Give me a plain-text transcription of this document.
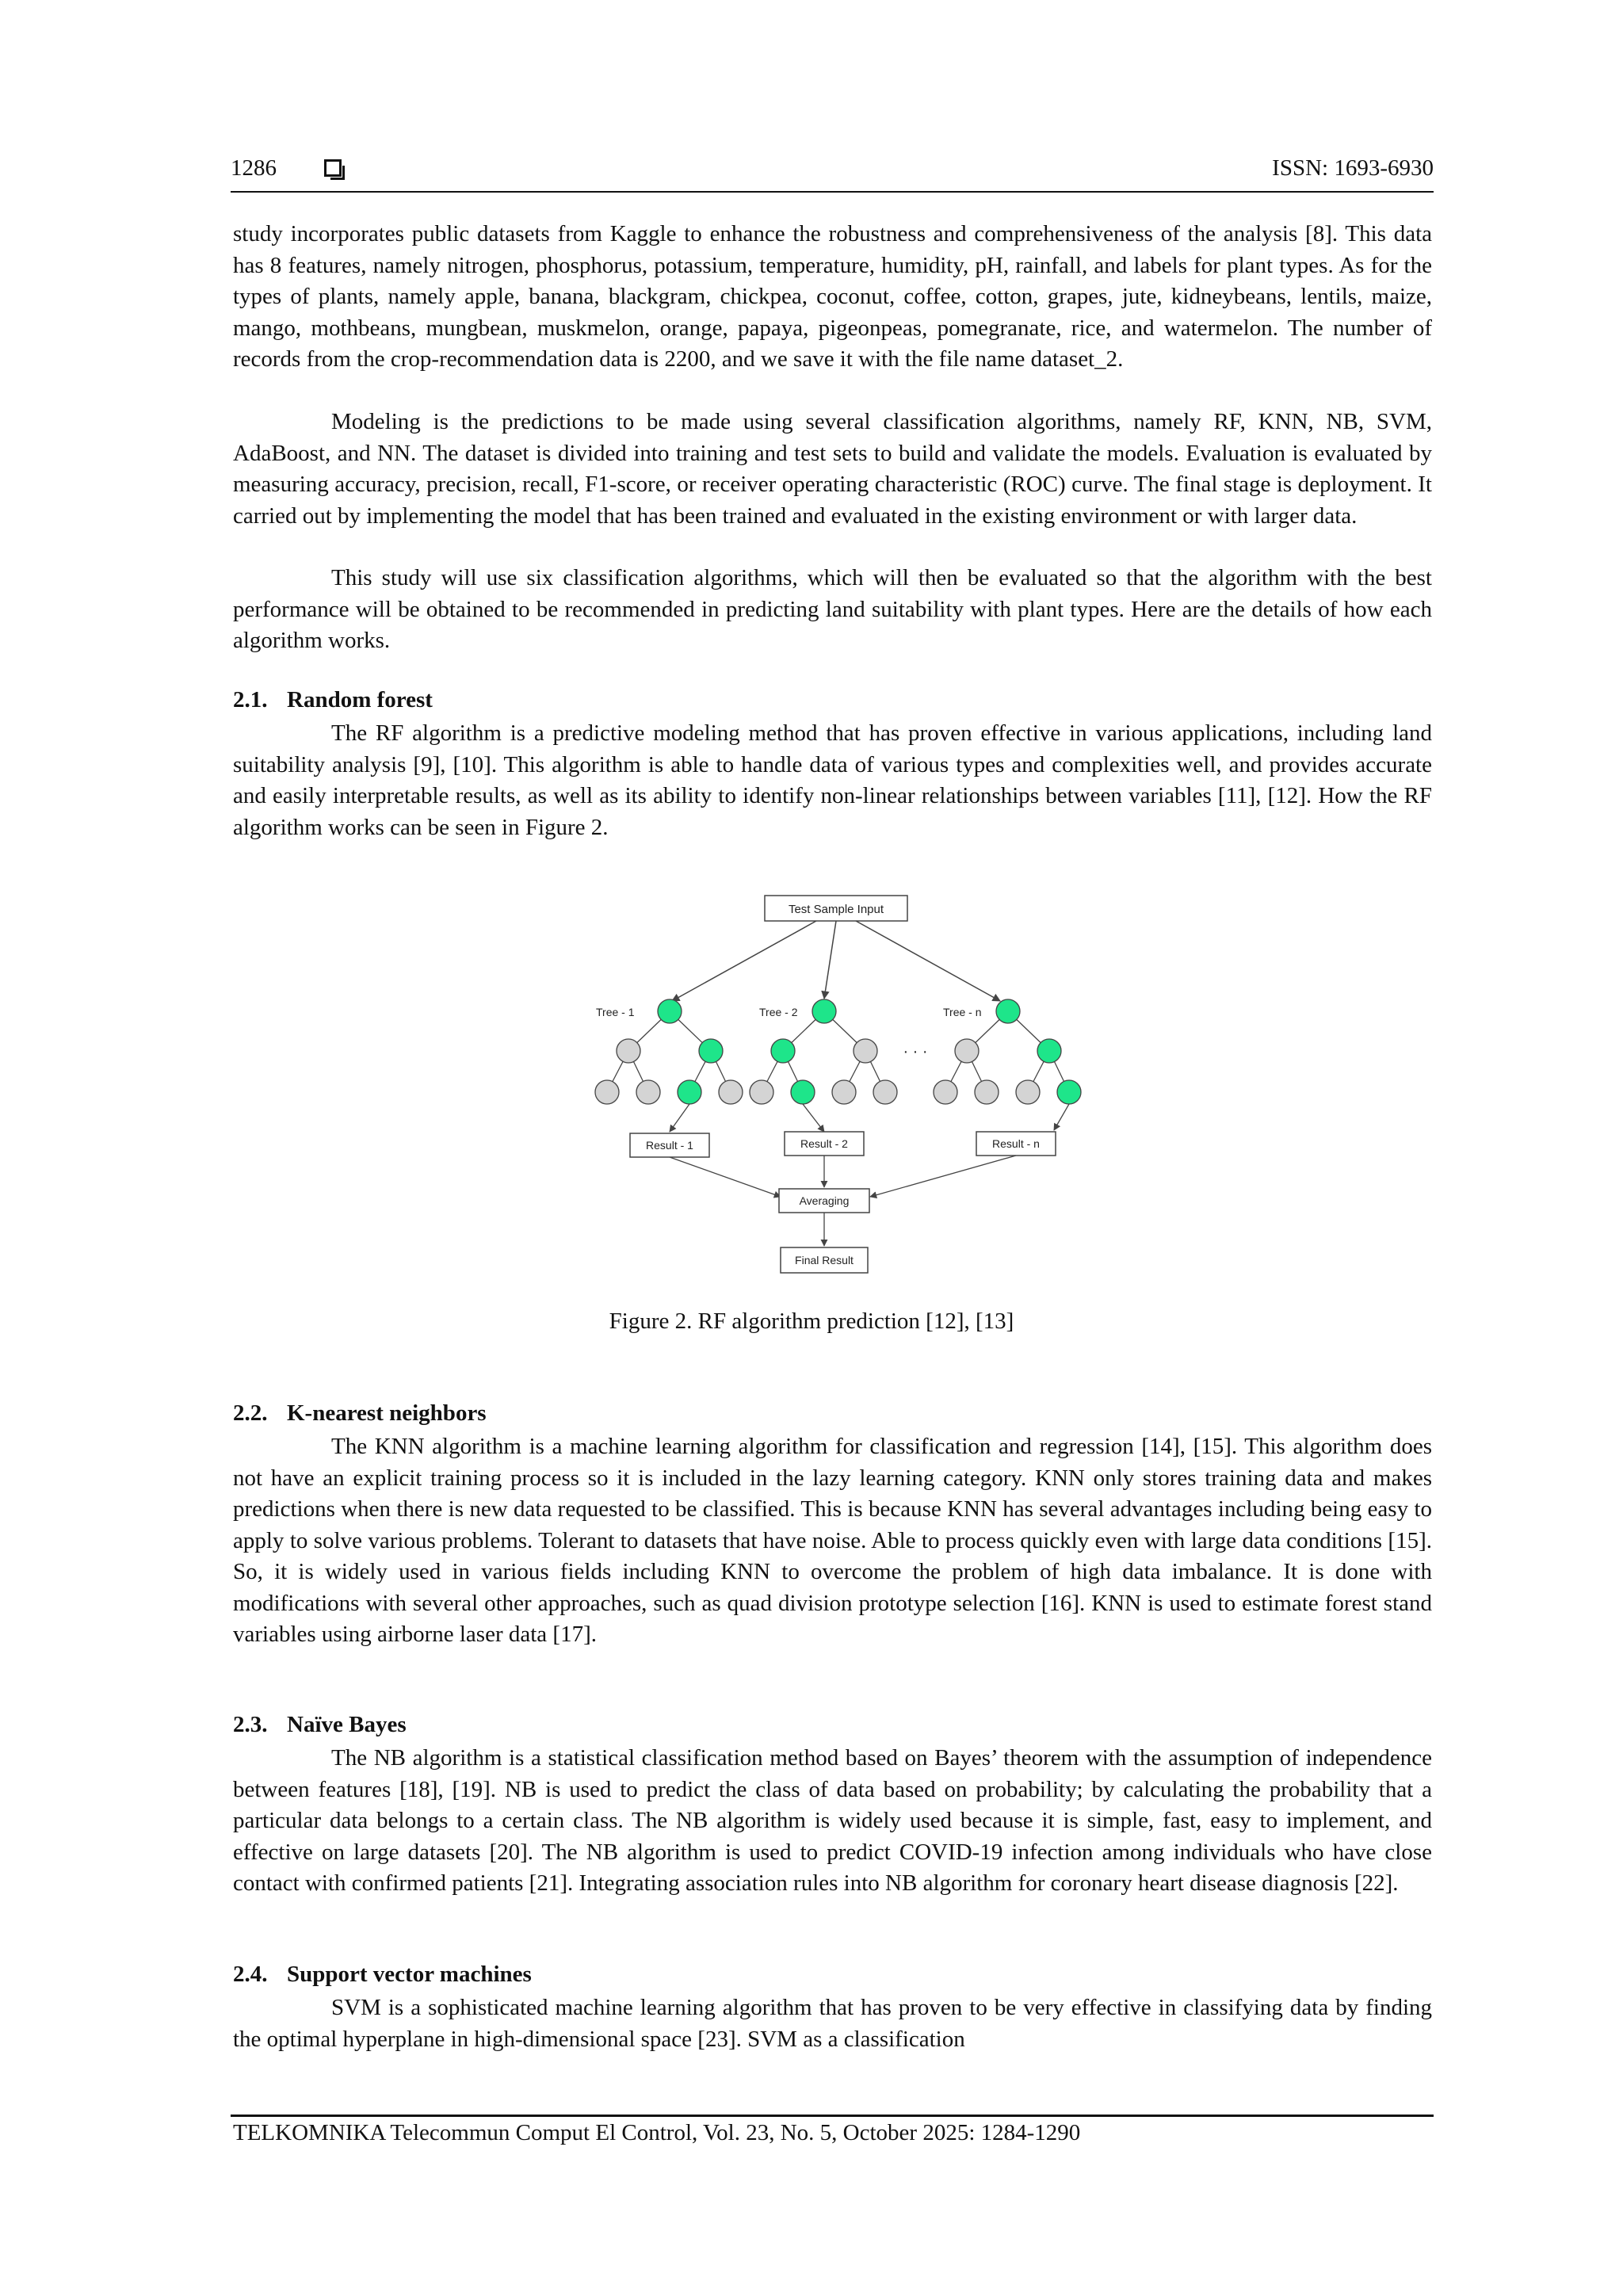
1286	ISSN: 1693-6930

study incorporates public datasets from Kaggle to enhance the robustness and comprehensiveness of the analysis [8]. This data has 8 features, namely nitrogen, phosphorus, potassium, temperature, humidity, pH, rainfall, and labels for plant types. As for the types of plants, namely apple, banana, blackgram, chickpea, coconut, coffee, cotton, grapes, jute, kidneybeans, lentils, maize, mango, mothbeans, mungbean, muskmelon, orange, papaya, pigeonpeas, pomegranate, rice, and watermelon. The number of records from the crop-recommendation data is 2200, and we save it with the file name dataset_2.

Modeling is the predictions to be made using several classification algorithms, namely RF, KNN, NB, SVM, AdaBoost, and NN. The dataset is divided into training and test sets to build and validate the models. Evaluation is evaluated by measuring accuracy, precision, recall, F1-score, or receiver operating characteristic (ROC) curve. The final stage is deployment. It carried out by implementing the model that has been trained and evaluated in the existing environment or with larger data.

This study will use six classification algorithms, which will then be evaluated so that the algorithm with the best performance will be obtained to be recommended in predicting land suitability with plant types. Here are the details of how each algorithm works.

2.1. Random forest

The RF algorithm is a predictive modeling method that has proven effective in various applications, including land suitability analysis [9], [10]. This algorithm is able to handle data of various types and complexities well, and provides accurate and easily interpretable results, as well as its ability to identify non-linear relationships between variables [11], [12]. How the RF algorithm works can be seen in Figure 2.

Test Sample Input
Tree - 1	Tree - 2	Tree - n
· · ·
Result - 1	Result - 2	Result - n
Averaging
Final Result
Figure 2. RF algorithm prediction [12], [13]
2.2. K-nearest neighbors

The KNN algorithm is a machine learning algorithm for classification and regression [14], [15]. This algorithm does not have an explicit training process so it is included in the lazy learning category. KNN only stores training data and makes predictions when there is new data requested to be classified. This is because KNN has several advantages including being easy to apply to solve various problems. Tolerant to datasets that have noise. Able to process quickly even with large data conditions [15]. So, it is widely used in various fields including KNN to overcome the problem of high data imbalance. It is done with modifications with several other approaches, such as quad division prototype selection [16]. KNN is used to estimate forest stand variables using airborne laser data [17].

2.3. Naïve Bayes

The NB algorithm is a statistical classification method based on Bayes’ theorem with the assumption of independence between features [18], [19]. NB is used to predict the class of data based on probability; by calculating the probability that a particular data belongs to a certain class. The NB algorithm is widely used because it is simple, fast, easy to implement, and effective on large datasets [20]. The NB algorithm is used to predict COVID-19 infection among individuals who have close contact with confirmed patients [21]. Integrating association rules into NB algorithm for coronary heart disease diagnosis [22].

2.4. Support vector machines

SVM is a sophisticated machine learning algorithm that has proven to be very effective in classifying data by finding the optimal hyperplane in high-dimensional space [23]. SVM as a classification

TELKOMNIKA Telecommun Comput El Control, Vol. 23, No. 5, October 2025: 1284-1290
